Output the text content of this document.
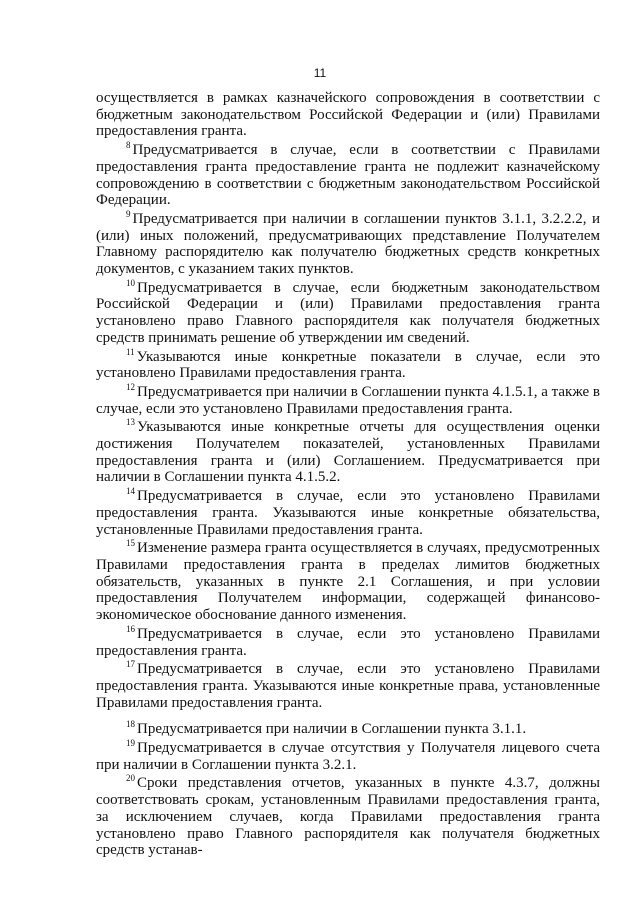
11

осуществляется в рамках казначейского сопровождения в соответствии с бюджетным законодательством Российской Федерации и (или) Правилами предоставления гранта.

$^8$ Предусматривается в случае, если в соответствии с Правилами предоставления гранта предоставление гранта не подлежит казначейскому сопровождению в соответствии с бюджетным законодательством Российской Федерации.

$^9$ Предусматривается при наличии в соглашении пунктов 3.1.1, 3.2.2.2, и (или) иных положений, предусматривающих представление Получателем Главному распорядителю как получателю бюджетных средств конкретных документов, с указанием таких пунктов.

$^{10}$ Предусматривается в случае, если бюджетным законодательством Российской Федерации и (или) Правилами предоставления гранта установлено право Главного распорядителя как получателя бюджетных средств принимать решение об утверждении им сведений.

$^{11}$ Указываются иные конкретные показатели в случае, если это установлено Правилами предоставления гранта.

$^{12}$ Предусматривается при наличии в Соглашении пункта 4.1.5.1, а также в случае, если это установлено Правилами предоставления гранта.

$^{13}$ Указываются иные конкретные отчеты для осуществления оценки достижения Получателем показателей, установленных Правилами предоставления гранта и (или) Соглашением. Предусматривается при наличии в Соглашении пункта 4.1.5.2.

$^{14}$ Предусматривается в случае, если это установлено Правилами предоставления гранта. Указываются иные конкретные обязательства, установленные Правилами предоставления гранта.

$^{15}$ Изменение размера гранта осуществляется в случаях, предусмотренных Правилами предоставления гранта в пределах лимитов бюджетных обязательств, указанных в пункте 2.1 Соглашения, и при условии предоставления Получателем информации, содержащей финансово-экономическое обоснование данного изменения.

$^{16}$ Предусматривается в случае, если это установлено Правилами предоставления гранта.

$^{17}$ Предусматривается в случае, если это установлено Правилами предоставления гранта. Указываются иные конкретные права, установленные Правилами предоставления гранта.

$^{18}$ Предусматривается при наличии в Соглашении пункта 3.1.1.

$^{19}$ Предусматривается в случае отсутствия у Получателя лицевого счета при наличии в Соглашении пункта 3.2.1.

$^{20}$ Сроки представления отчетов, указанных в пункте 4.3.7, должны соответствовать срокам, установленным Правилами предоставления гранта, за исключением случаев, когда Правилами предоставления гранта установлено право Главного распорядителя как получателя бюджетных средств устанав-
